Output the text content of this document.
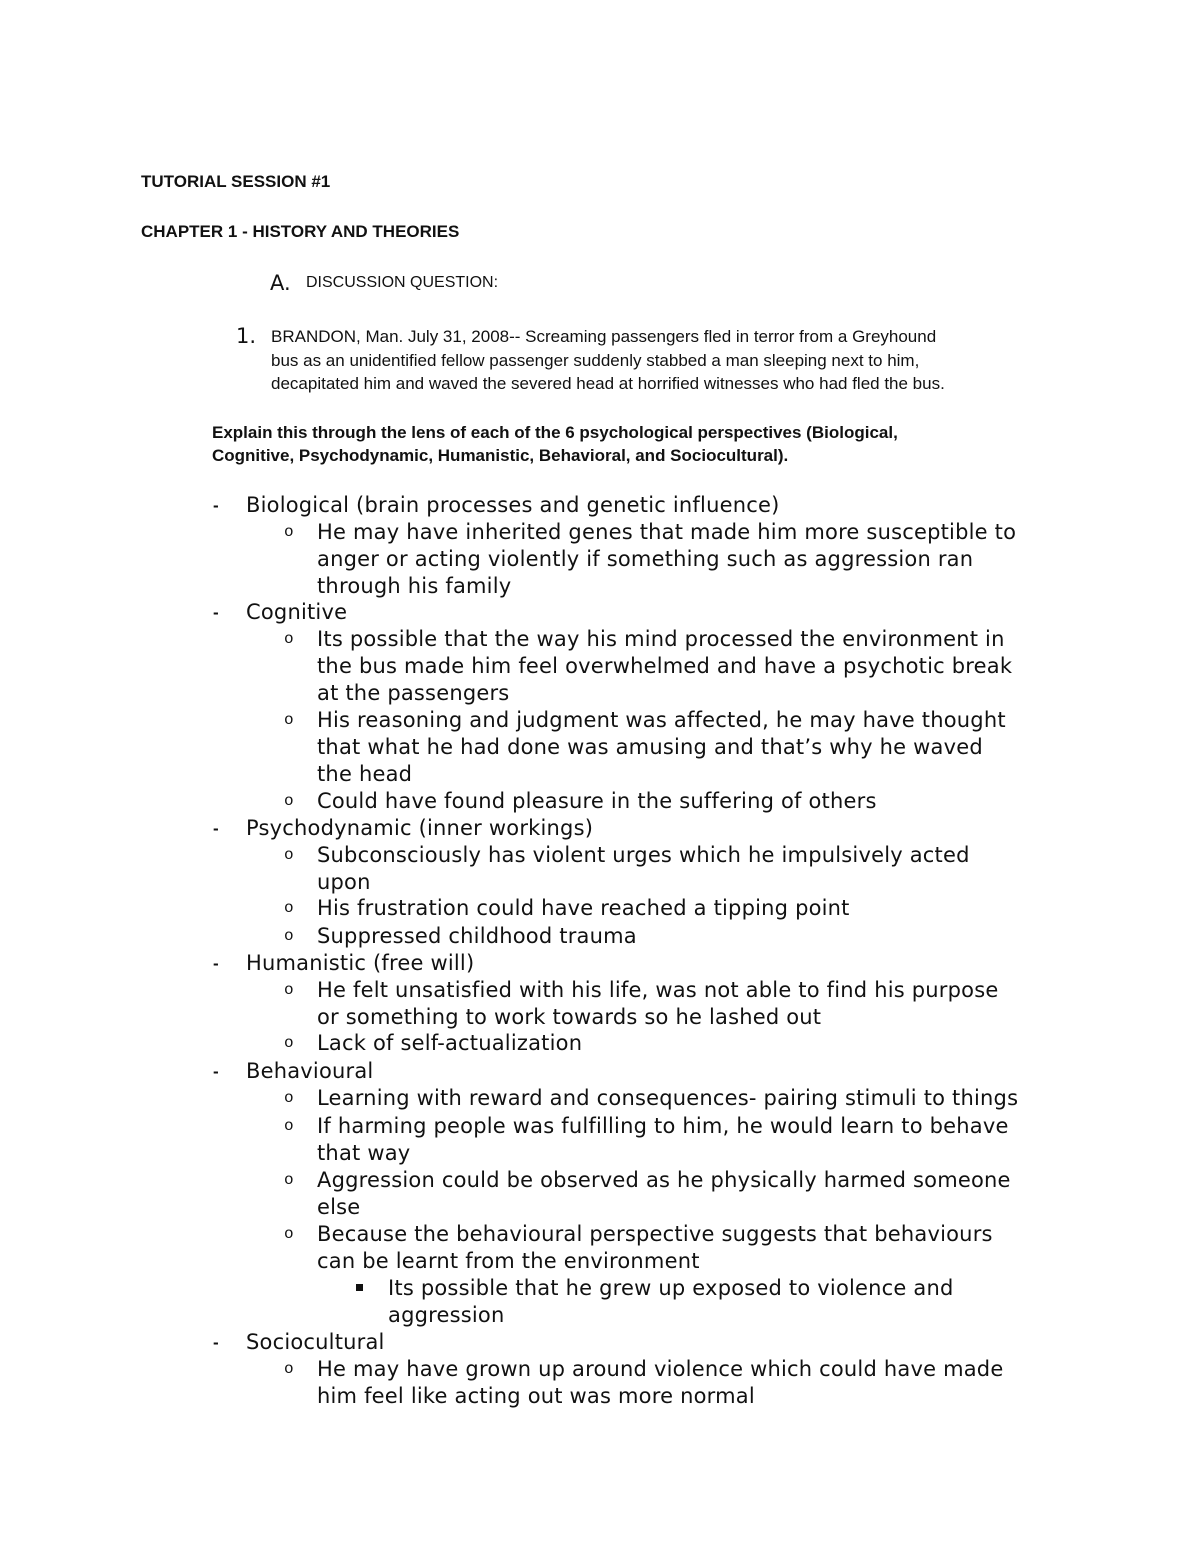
TUTORIAL SESSION #1
CHAPTER 1 - HISTORY AND THEORIES
A. DISCUSSION QUESTION:
1. BRANDON, Man. July 31, 2008-- Screaming passengers fled in terror from a Greyhound
bus as an unidentified fellow passenger suddenly stabbed a man sleeping next to him,
decapitated him and waved the severed head at horrified witnesses who had fled the bus.
Explain this through the lens of each of the 6 psychological perspectives (Biological,
Cognitive, Psychodynamic, Humanistic, Behavioral, and Sociocultural).
- Biological (brain processes and genetic influence)
o He may have inherited genes that made him more susceptible to
anger or acting violently if something such as aggression ran
through his family
- Cognitive
o Its possible that the way his mind processed the environment in
the bus made him feel overwhelmed and have a psychotic break
at the passengers
o His reasoning and judgment was affected, he may have thought
that what he had done was amusing and that’s why he waved
the head
o Could have found pleasure in the suffering of others
- Psychodynamic (inner workings)
o Subconsciously has violent urges which he impulsively acted
upon
o His frustration could have reached a tipping point
o Suppressed childhood trauma
- Humanistic (free will)
o He felt unsatisfied with his life, was not able to find his purpose
or something to work towards so he lashed out
o Lack of self-actualization
- Behavioural
o Learning with reward and consequences- pairing stimuli to things
o If harming people was fulfilling to him, he would learn to behave
that way
o Aggression could be observed as he physically harmed someone
else
o Because the behavioural perspective suggests that behaviours
can be learnt from the environment
Its possible that he grew up exposed to violence and
aggression
- Sociocultural
o He may have grown up around violence which could have made
him feel like acting out was more normal
